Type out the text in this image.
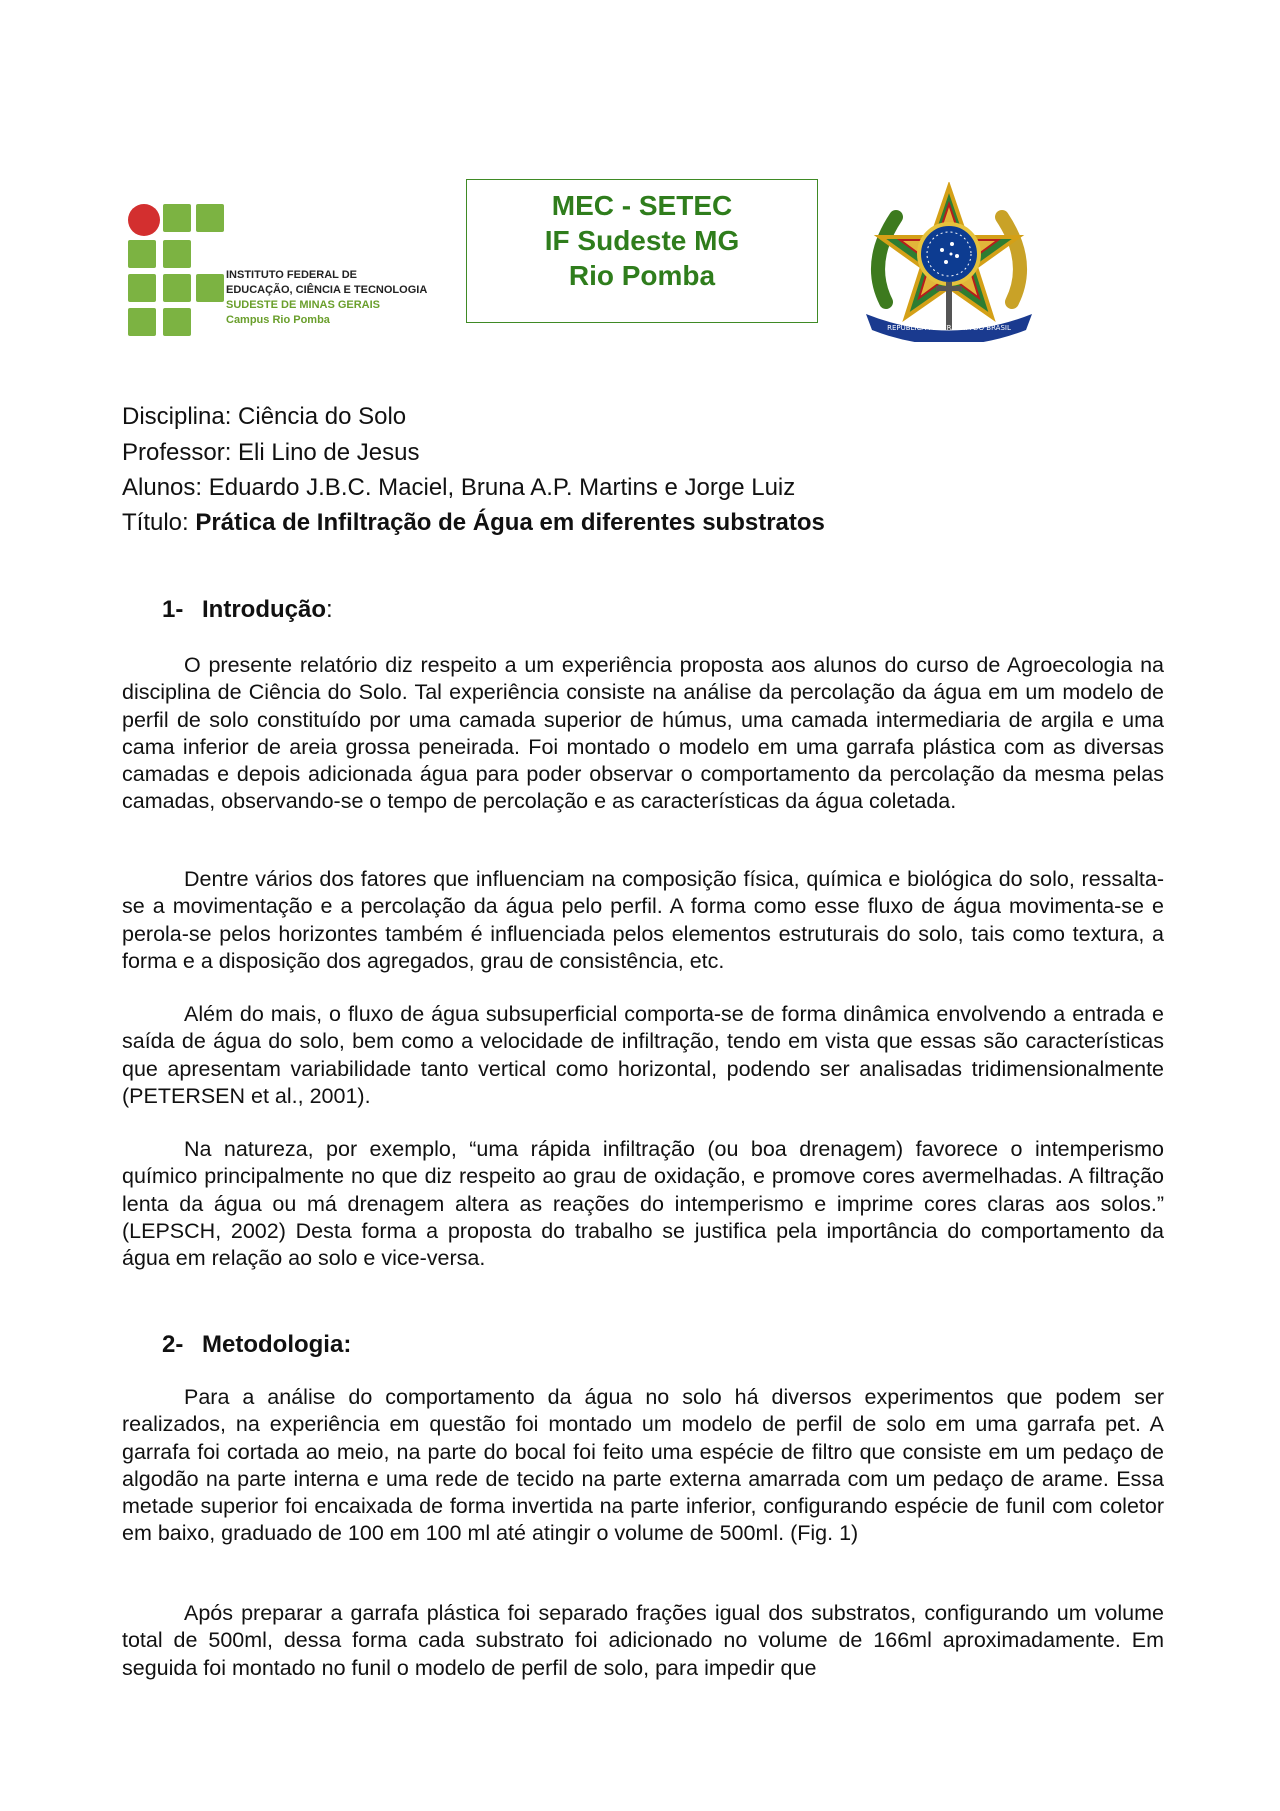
INSTITUTO FEDERAL DE
EDUCAÇÃO, CIÊNCIA E TECNOLOGIA
SUDESTE DE MINAS GERAIS
Campus Rio Pomba
MEC - SETEC
IF Sudeste MG
Rio Pomba
REPÚBLICA FEDERATIVA DO BRASIL
Disciplina: Ciência do Solo
Professor: Eli Lino de Jesus
Alunos: Eduardo J.B.C. Maciel, Bruna A.P. Martins e Jorge Luiz
Título: Prática de Infiltração de Água em diferentes substratos
1- Introdução:

O presente relatório diz respeito a um experiência proposta aos alunos do curso de Agroecologia na disciplina de Ciência do Solo. Tal experiência consiste na análise da percolação da água em um modelo de perfil de solo constituído por uma camada superior de húmus, uma camada intermediaria de argila e uma cama inferior de areia grossa peneirada. Foi montado o modelo em uma garrafa plástica com as diversas camadas e depois adicionada água para poder observar o comportamento da percolação da mesma pelas camadas, observando-se o tempo de percolação e as características da água coletada.

Dentre vários dos fatores que influenciam na composição física, química e biológica do solo, ressalta-se a movimentação e a percolação da água pelo perfil. A forma como esse fluxo de água movimenta-se e perola-se pelos horizontes também é influenciada pelos elementos estruturais do solo, tais como textura, a forma e a disposição dos agregados, grau de consistência, etc.

Além do mais, o fluxo de água subsuperficial comporta-se de forma dinâmica envolvendo a entrada e saída de água do solo, bem como a velocidade de infiltração, tendo em vista que essas são características que apresentam variabilidade tanto vertical como horizontal, podendo ser analisadas tridimensionalmente (PETERSEN et al., 2001).

Na natureza, por exemplo, “uma rápida infiltração (ou boa drenagem) favorece o intemperismo químico principalmente no que diz respeito ao grau de oxidação, e promove cores avermelhadas. A filtração lenta da água ou má drenagem altera as reações do intemperismo e imprime cores claras aos solos.” (LEPSCH, 2002) Desta forma a proposta do trabalho se justifica pela importância do comportamento da água em relação ao solo e vice-versa.

2- Metodologia:

Para a análise do comportamento da água no solo há diversos experimentos que podem ser realizados, na experiência em questão foi montado um modelo de perfil de solo em uma garrafa pet. A garrafa foi cortada ao meio, na parte do bocal foi feito uma espécie de filtro que consiste em um pedaço de algodão na parte interna e uma rede de tecido na parte externa amarrada com um pedaço de arame. Essa metade superior foi encaixada de forma invertida na parte inferior, configurando espécie de funil com coletor em baixo, graduado de 100 em 100 ml até atingir o volume de 500ml. (Fig. 1)

Após preparar a garrafa plástica foi separado frações igual dos substratos, configurando um volume total de 500ml, dessa forma cada substrato foi adicionado no volume de 166ml aproximadamente. Em seguida foi montado no funil o modelo de perfil de solo, para impedir que
